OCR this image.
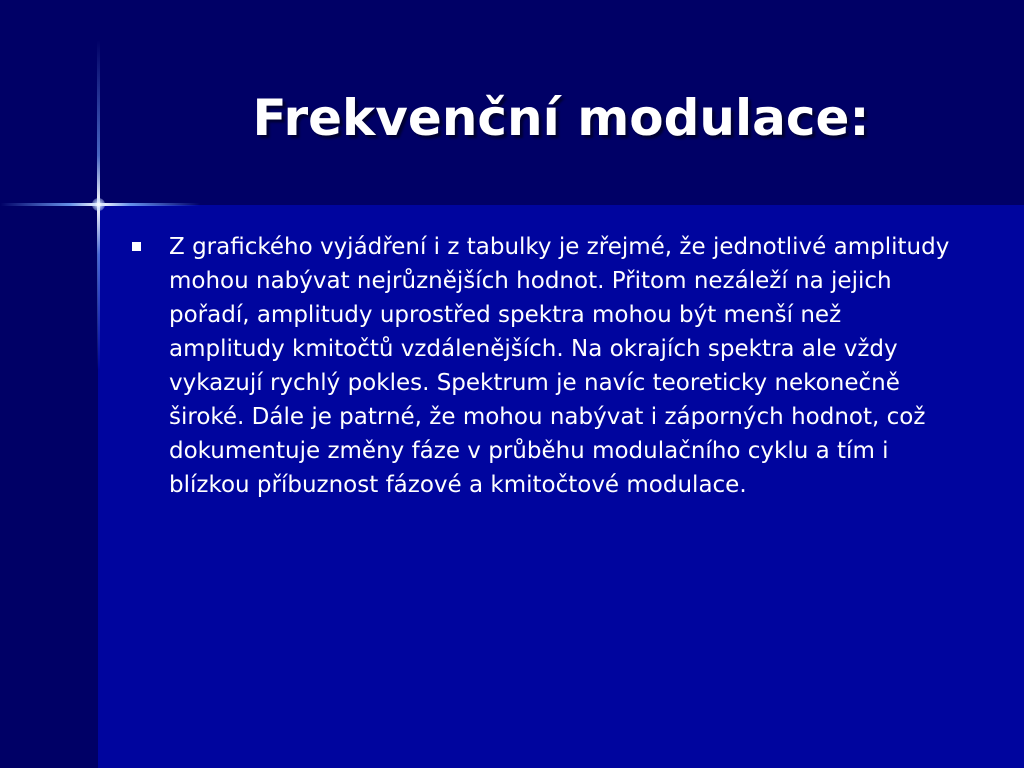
Frekvenční modulace:
Z grafického vyjádření i z tabulky je zřejmé, že jednotlivé amplitudy mohou nabývat nejrůznějších hodnot. Přitom nezáleží na jejich pořadí, amplitudy uprostřed spektra mohou být menší než amplitudy kmitočtů vzdálenějších. Na okrajích spektra ale vždy vykazují rychlý pokles. Spektrum je navíc teoreticky nekonečně široké. Dále je patrné, že mohou nabývat i záporných hodnot, což dokumentuje změny fáze v průběhu modulačního cyklu a tím i blízkou příbuznost fázové a kmitočtové modulace.
